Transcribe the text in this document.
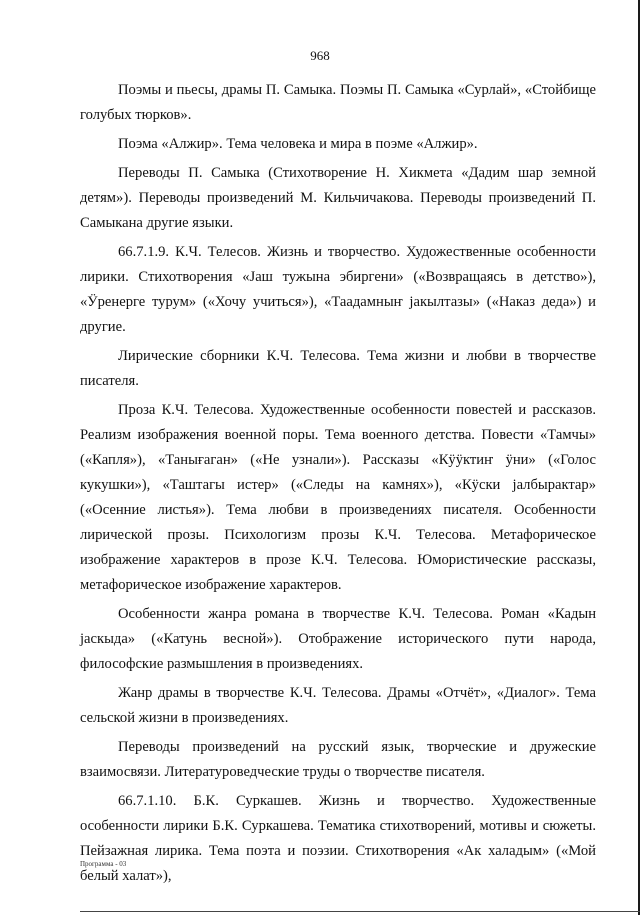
968

Поэмы и пьесы, драмы П. Самыка. Поэмы П. Самыка «Сурлай», «Стойбище голубых тюрков».

Поэма «Алжир». Тема человека и мира в поэме «Алжир».

Переводы П. Самыка (Стихотворение Н. Хикмета «Дадим шар земной детям»). Переводы произведений М. Кильчичакова. Переводы произведений П. Самыкана другие языки.

66.7.1.9. К.Ч. Телесов. Жизнь и творчество. Художественные особенности лирики. Стихотворения «Јаш тужына эбиргени» («Возвращаясь в детство»), «Ӱренерге турум» («Хочу учиться»), «Таадамныҥ јакылтазы» («Наказ деда») и другие.

Лирические сборники К.Ч. Телесова. Тема жизни и любви в творчестве писателя.

Проза К.Ч. Телесова. Художественные особенности повестей и рассказов. Реализм изображения военной поры. Тема военного детства. Повести «Тамчы» («Капля»), «Танығаган» («Не узнали»). Рассказы «Кӱӱктиҥ ӱни» («Голос кукушки»), «Таштагы истер» («Следы на камнях»), «Кӱски јалбырактар» («Осенние листья»). Тема любви в произведениях писателя. Особенности лирической прозы. Психологизм прозы К.Ч. Телесова. Метафорическое изображение характеров в прозе К.Ч. Телесова. Юмористические рассказы, метафорическое изображение характеров.

Особенности жанра романа в творчестве К.Ч. Телесова. Роман «Кадын јаскыда» («Катунь весной»). Отображение исторического пути народа, философские размышления в произведениях.

Жанр драмы в творчестве К.Ч. Телесова. Драмы «Отчёт», «Диалог». Тема сельской жизни в произведениях.

Переводы произведений на русский язык, творческие и дружеские взаимосвязи. Литературоведческие труды о творчестве писателя.

66.7.1.10. Б.К. Суркашев. Жизнь и творчество. Художественные особенности лирики Б.К. Суркашева. Тематика стихотворений, мотивы и сюжеты. Пейзажная лирика. Тема поэта и поэзии. Стихотворения «Ак халадым» («Мой белый халат»),

Программа - 03
